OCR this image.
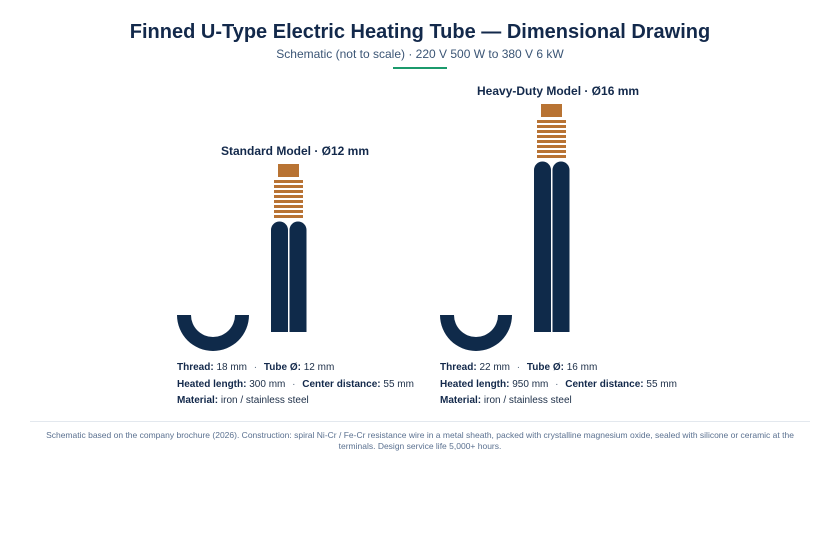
Finned U-Type Electric Heating Tube — Dimensional Drawing
Schematic (not to scale) · 220 V 500 W to 380 V 6 kW
Standard Model · Ø12 mm
Heavy-Duty Model · Ø16 mm
Thread: 18 mm · Tube Ø: 12 mm
Heated length: 300 mm · Center distance: 55 mm
Material: iron / stainless steel
Thread: 22 mm · Tube Ø: 16 mm
Heated length: 950 mm · Center distance: 55 mm
Material: iron / stainless steel
Schematic based on the company brochure (2026). Construction: spiral Ni-Cr / Fe-Cr resistance wire in a metal sheath, packed with crystalline magnesium oxide, sealed with silicone or ceramic at the terminals. Design service life 5,000+ hours.
